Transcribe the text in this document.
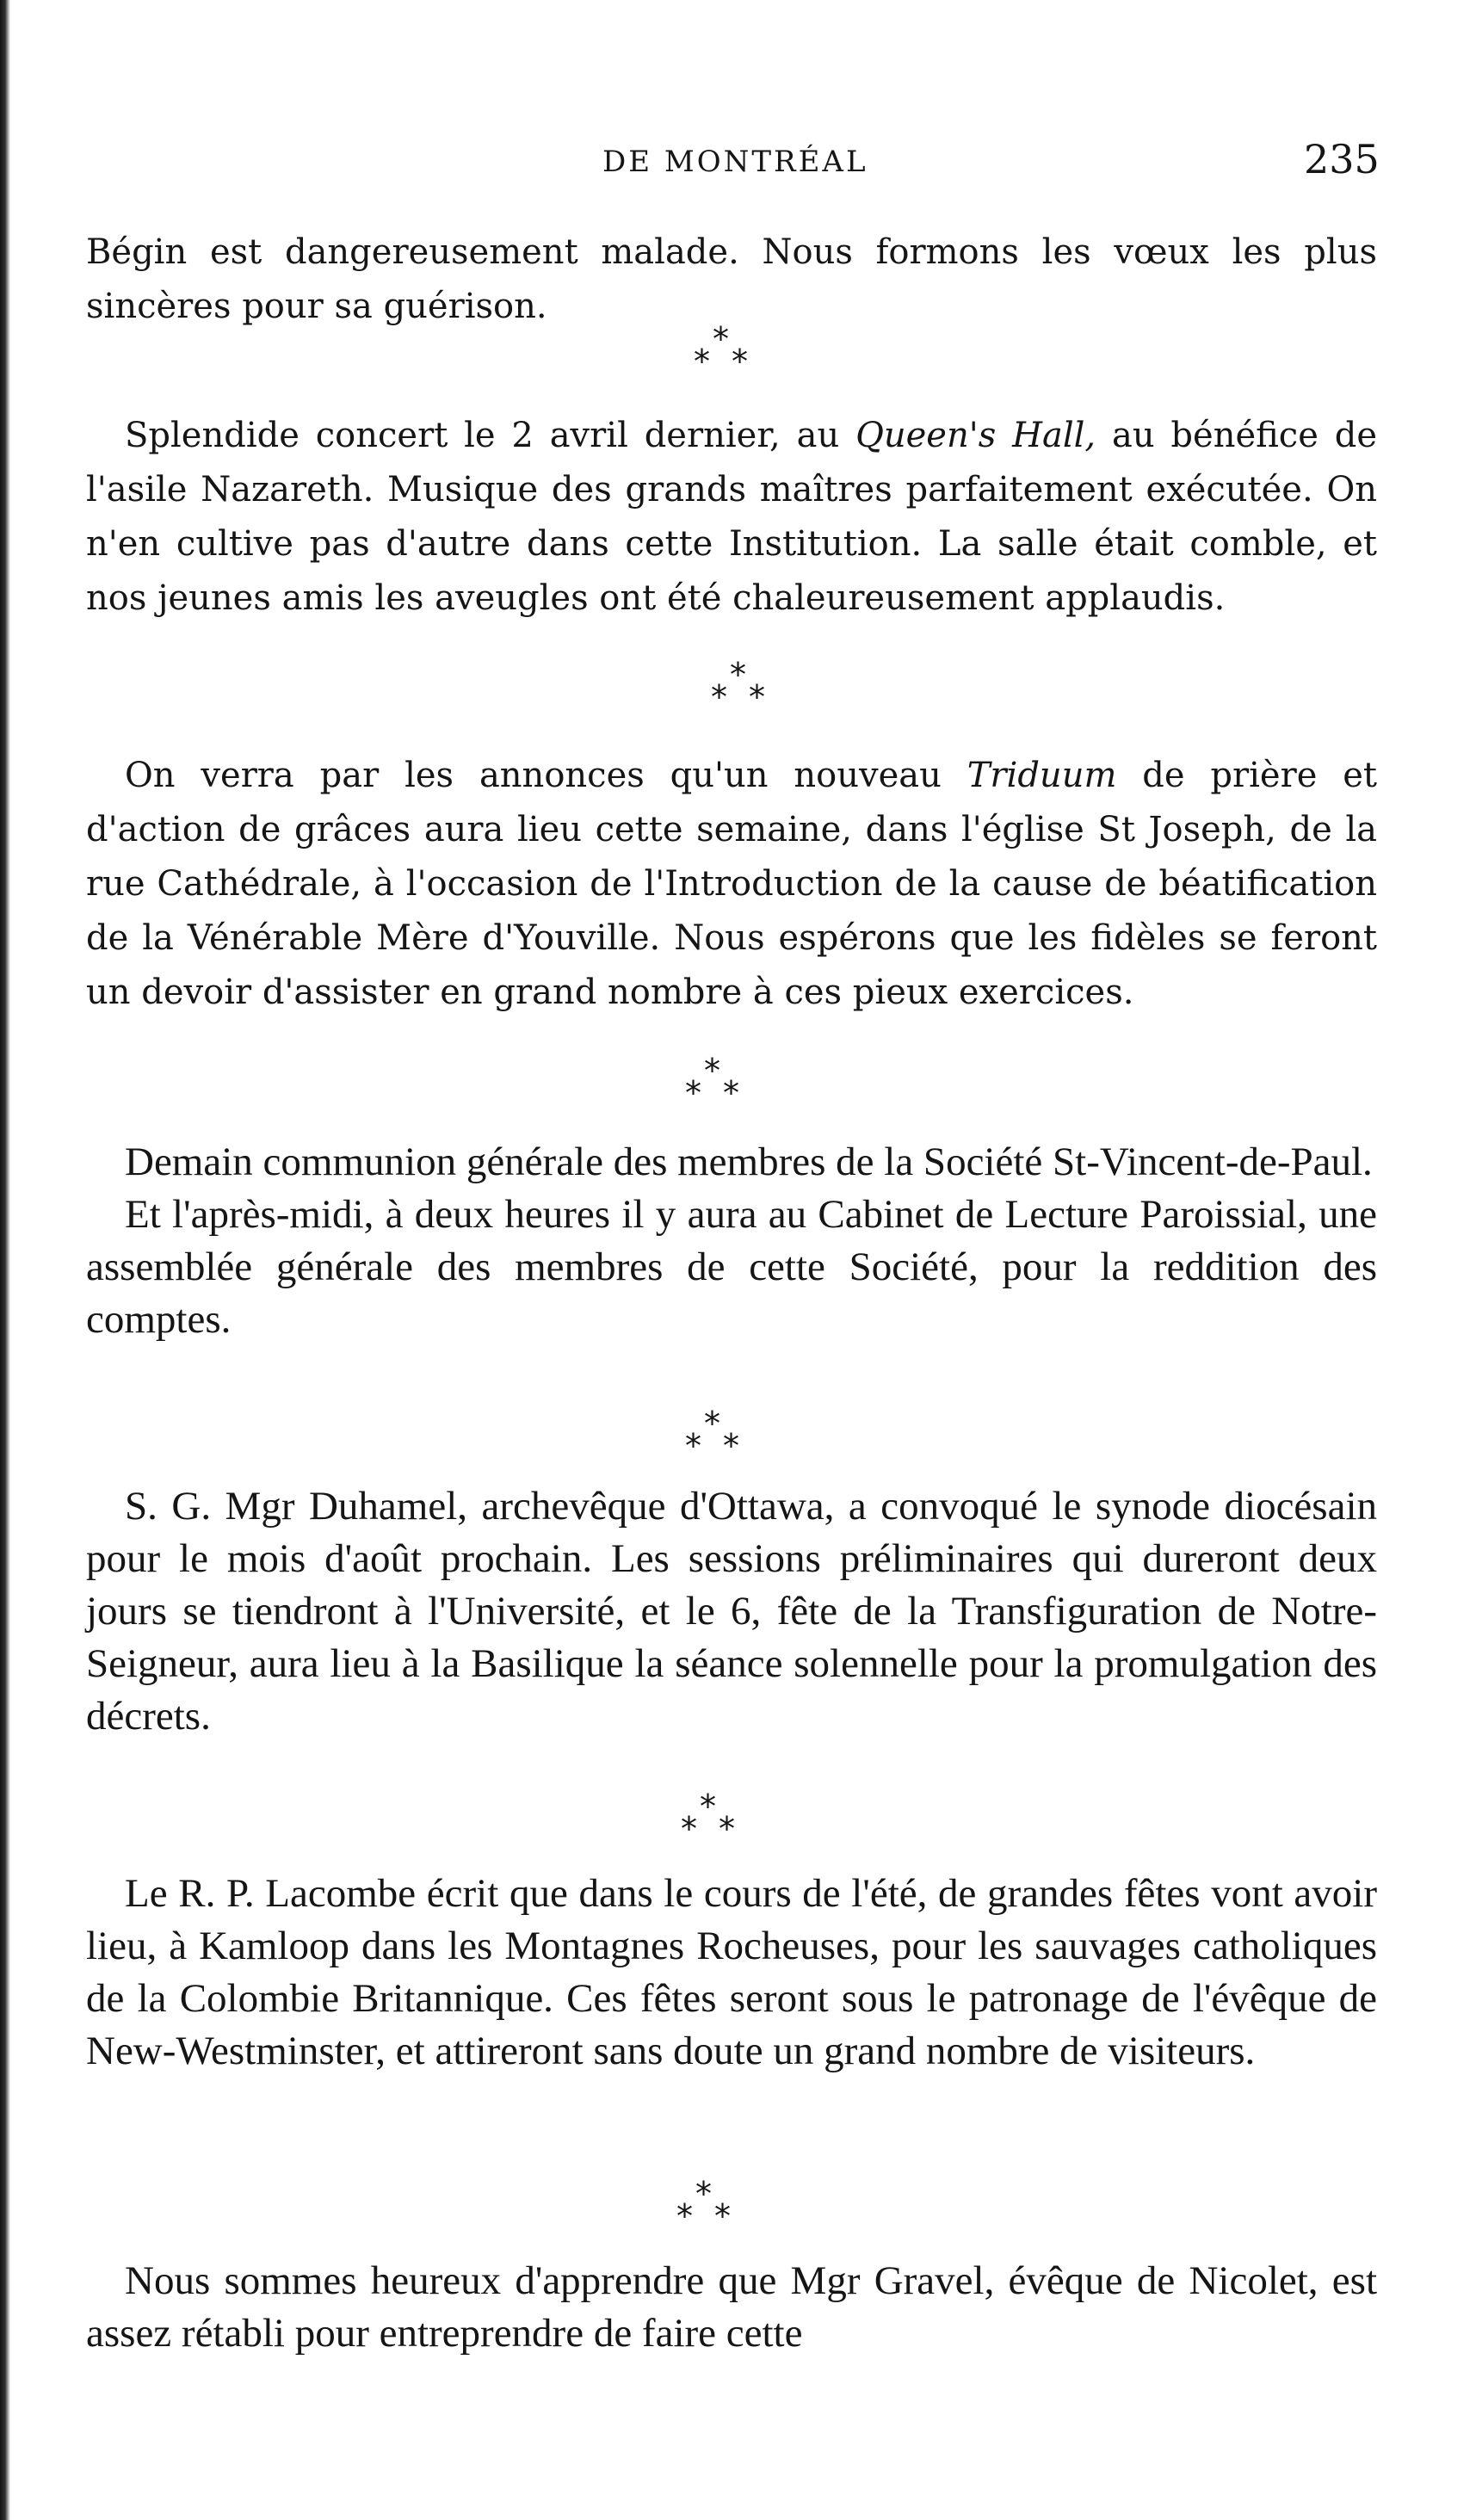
DE MONTRÉAL	235

Bégin est dangereusement malade. Nous formons les vœux les plus sincères pour sa guérison.

*
* *

Splendide concert le 2 avril dernier, au Queen's Hall, au bénéfice de l'asile Nazareth. Musique des grands maîtres parfaitement exécutée. On n'en cultive pas d'autre dans cette Institution. La salle était comble, et nos jeunes amis les aveugles ont été chaleureusement applaudis.

*
* *

On verra par les annonces qu'un nouveau Triduum de prière et d'action de grâces aura lieu cette semaine, dans l'église St Joseph, de la rue Cathédrale, à l'occasion de l'Introduction de la cause de béatification de la Vénérable Mère d'Youville. Nous espérons que les fidèles se feront un devoir d'assister en grand nombre à ces pieux exercices.

*
* *

Demain communion générale des membres de la Société St-Vincent-de-Paul.

Et l'après-midi, à deux heures il y aura au Cabinet de Lecture Paroissial, une assemblée générale des membres de cette Société, pour la reddition des comptes.

*
* *

S. G. Mgr Duhamel, archevêque d'Ottawa, a convoqué le synode diocésain pour le mois d'août prochain. Les sessions préliminaires qui dureront deux jours se tiendront à l'Université, et le 6, fête de la Transfiguration de Notre-Seigneur, aura lieu à la Basilique la séance solennelle pour la promulgation des décrets.

*
* *

Le R. P. Lacombe écrit que dans le cours de l'été, de grandes fêtes vont avoir lieu, à Kamloop dans les Montagnes Rocheuses, pour les sauvages catholiques de la Colombie Britannique. Ces fêtes seront sous le patronage de l'évêque de New-Westminster, et attireront sans doute un grand nombre de visiteurs.

*
* *

Nous sommes heureux d'apprendre que Mgr Gravel, évêque de Nicolet, est assez rétabli pour entreprendre de faire cette
